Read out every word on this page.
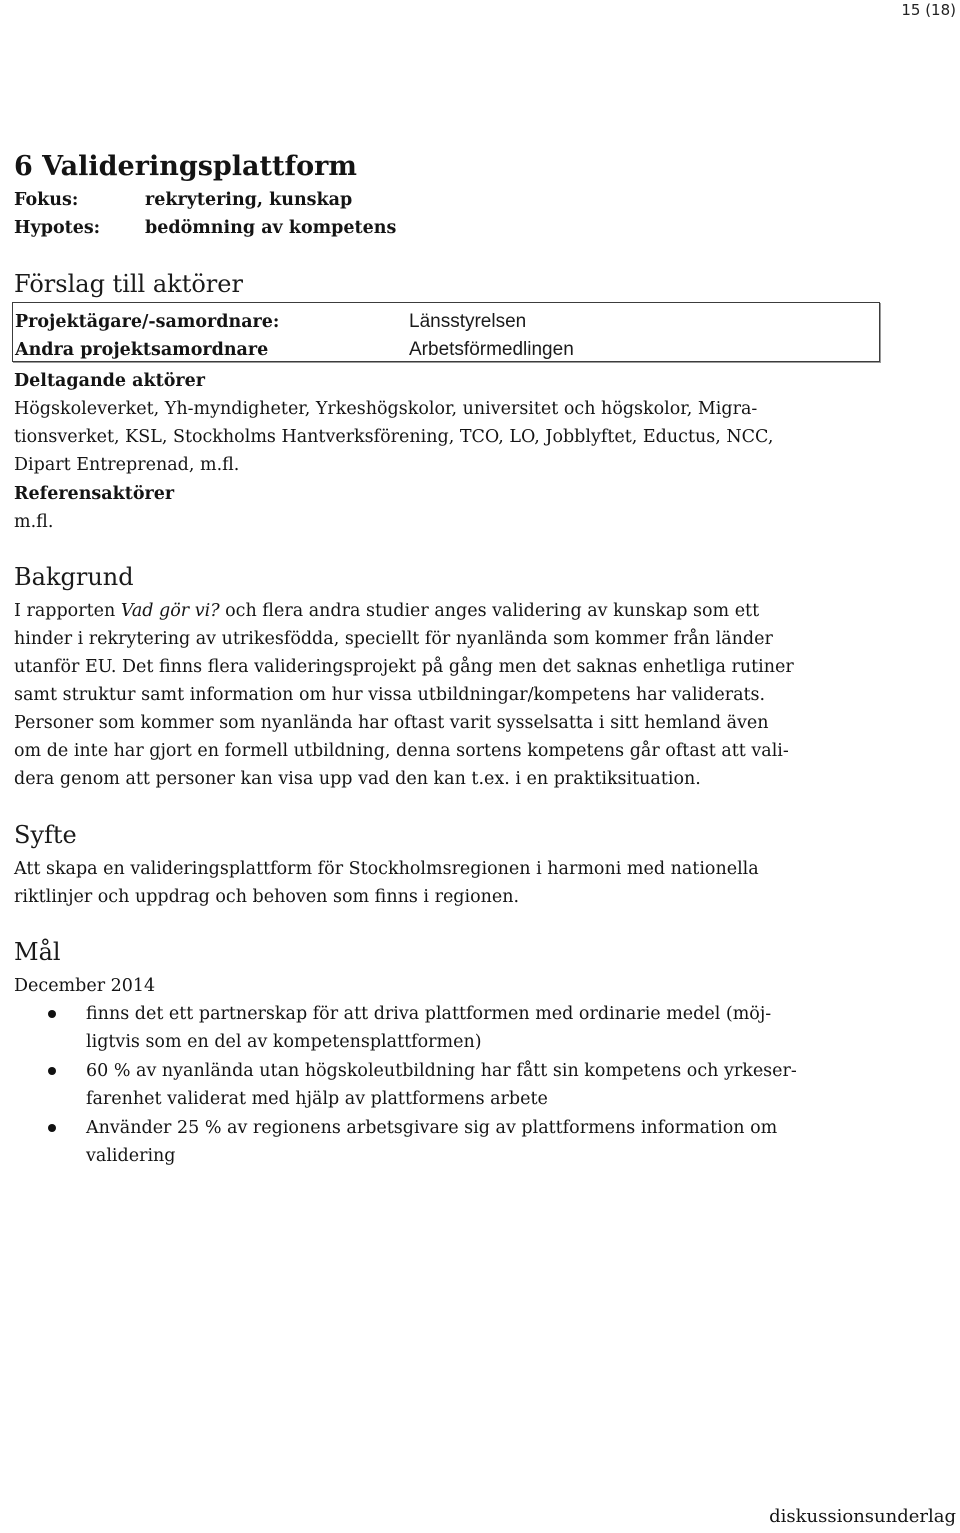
15 (18)
6 Valideringsplattform
Fokus:	rekrytering, kunskap
Hypotes:	bedömning av kompetens
Förslag till aktörer
Projektägare/-samordnare:	Länsstyrelsen
Andra projektsamordnare	Arbetsförmedlingen
Deltagande aktörer
Högskoleverket, Yh-myndigheter, Yrkeshögskolor, universitet och högskolor, Migra-
tionsverket, KSL, Stockholms Hantverksförening, TCO, LO, Jobblyftet, Eductus, NCC,
Dipart Entreprenad, m.fl.
Referensaktörer
m.fl.
Bakgrund
I rapporten Vad gör vi? och flera andra studier anges validering av kunskap som ett
hinder i rekrytering av utrikesfödda, speciellt för nyanlända som kommer från länder
utanför EU. Det finns flera valideringsprojekt på gång men det saknas enhetliga rutiner
samt struktur samt information om hur vissa utbildningar/kompetens har validerats.
Personer som kommer som nyanlända har oftast varit sysselsatta i sitt hemland även
om de inte har gjort en formell utbildning, denna sortens kompetens går oftast att vali-
dera genom att personer kan visa upp vad den kan t.ex. i en praktiksituation.
Syfte
Att skapa en valideringsplattform för Stockholmsregionen i harmoni med nationella
riktlinjer och uppdrag och behoven som finns i regionen.
Mål
December 2014
finns det ett partnerskap för att driva plattformen med ordinarie medel (möj-
ligtvis som en del av kompetensplattformen)
60 % av nyanlända utan högskoleutbildning har fått sin kompetens och yrkeser-
farenhet validerat med hjälp av plattformens arbete
Använder 25 % av regionens arbetsgivare sig av plattformens information om
validering
diskussionsunderlag
